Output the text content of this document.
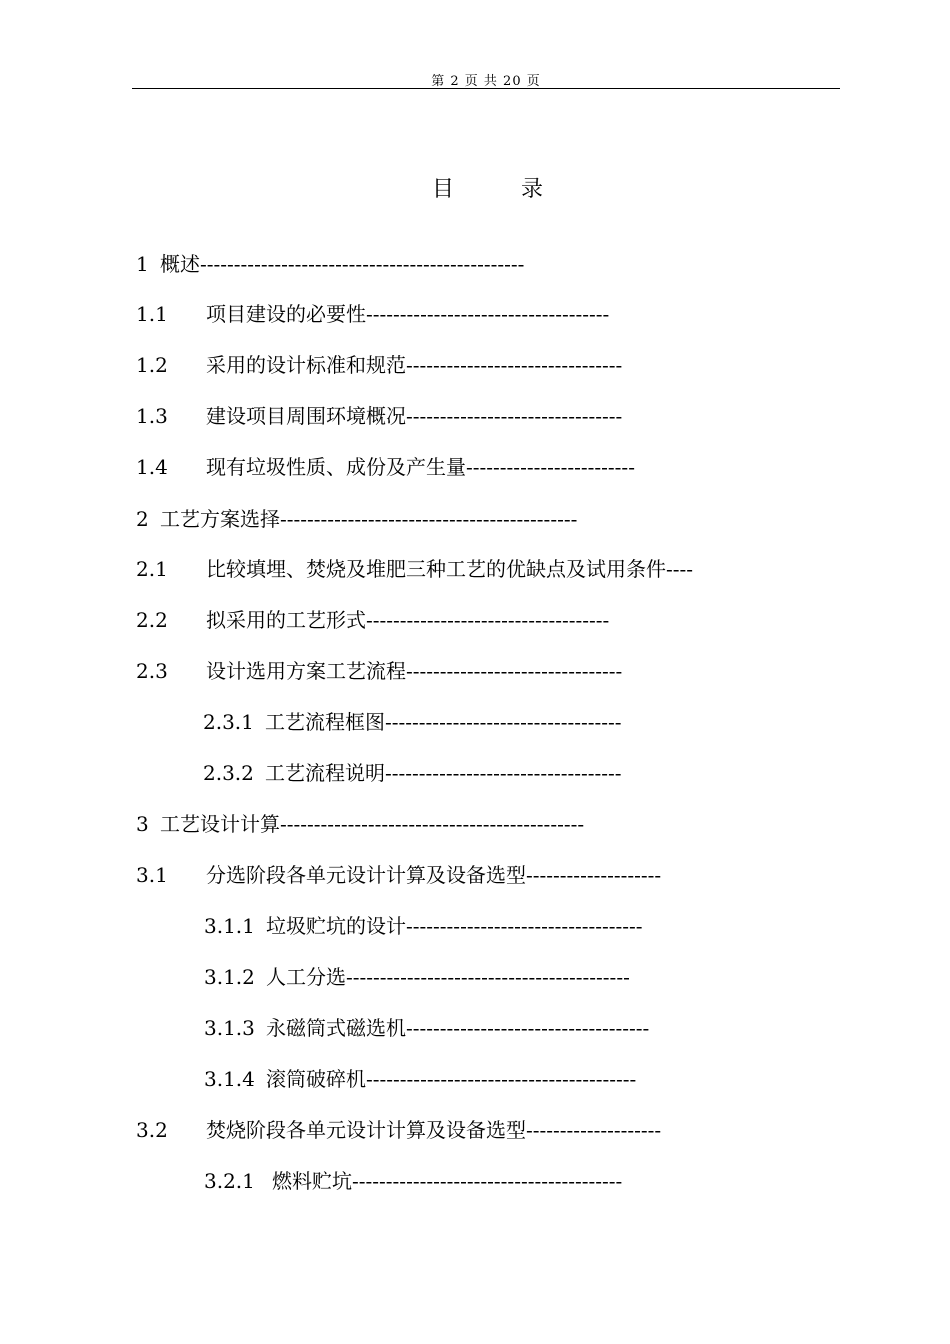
第 2 页 共 20 页
目	录
1 概述------------------------------------------------
1.1 项目建设的必要性------------------------------------
1.2 采用的设计标准和规范--------------------------------
1.3 建设项目周围环境概况--------------------------------
1.4 现有垃圾性质、成份及产生量-------------------------
2 工艺方案选择--------------------------------------------
2.1 比较填埋、焚烧及堆肥三种工艺的优缺点及试用条件----
2.2 拟采用的工艺形式------------------------------------
2.3 设计选用方案工艺流程--------------------------------
2.3.1 工艺流程框图-----------------------------------
2.3.2 工艺流程说明-----------------------------------
3 工艺设计计算---------------------------------------------
3.1 分选阶段各单元设计计算及设备选型--------------------
3.1.1 垃圾贮坑的设计-----------------------------------
3.1.2 人工分选------------------------------------------
3.1.3 永磁筒式磁选机------------------------------------
3.1.4 滚筒破碎机----------------------------------------
3.2 焚烧阶段各单元设计计算及设备选型--------------------
3.2.1 燃料贮坑----------------------------------------
